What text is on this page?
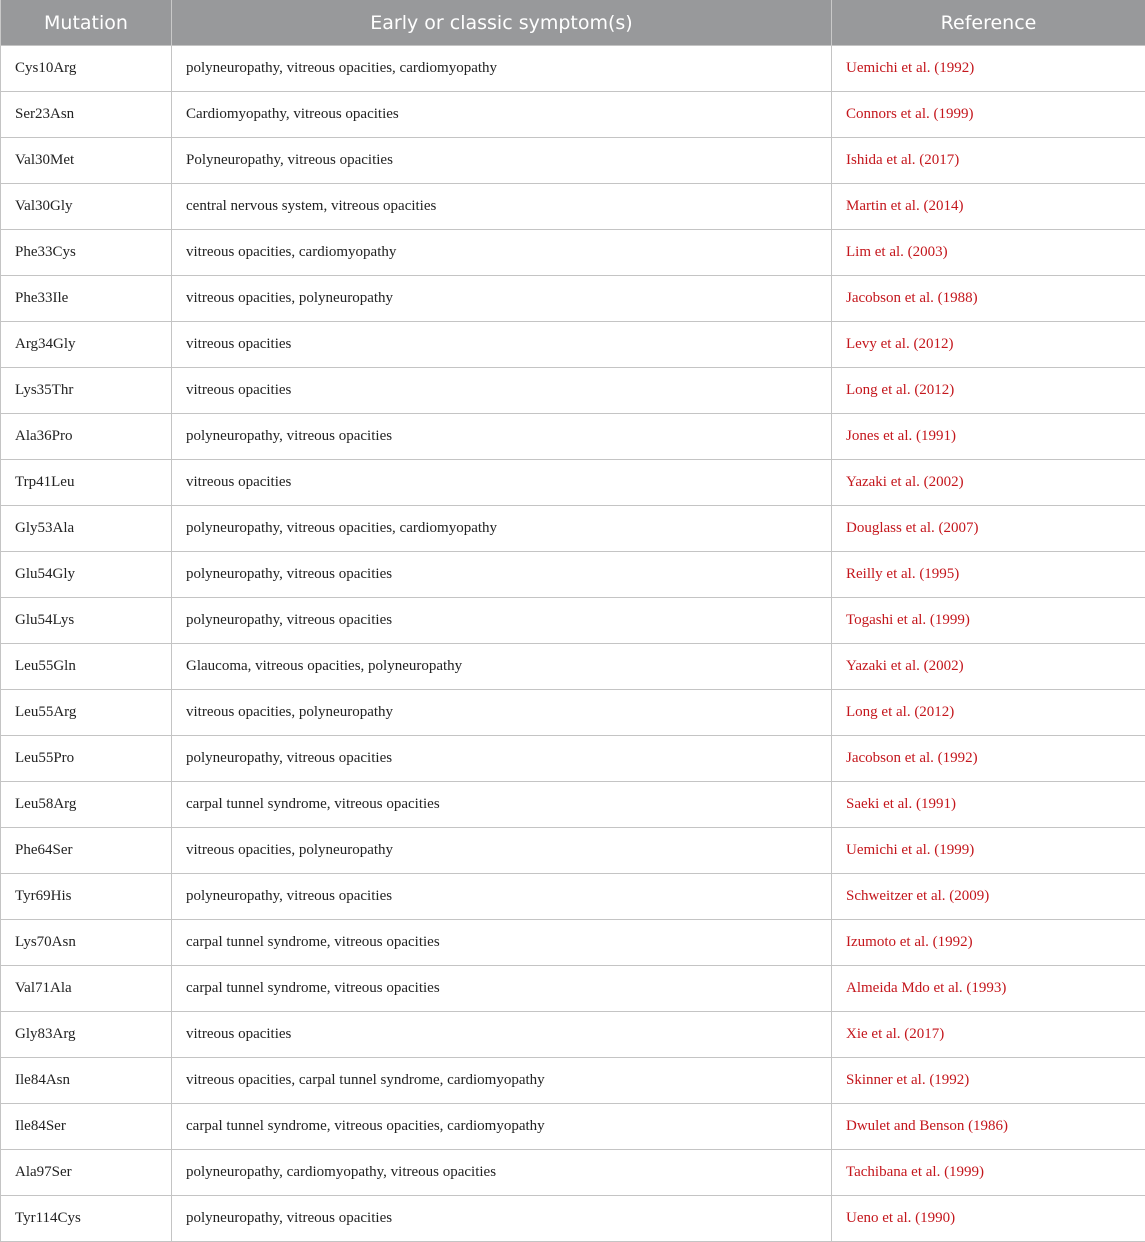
Mutation	Early or classic symptom(s)	Reference
Cys10Arg	polyneuropathy, vitreous opacities, cardiomyopathy	Uemichi et al. (1992)
Ser23Asn	Cardiomyopathy, vitreous opacities	Connors et al. (1999)
Val30Met	Polyneuropathy, vitreous opacities	Ishida et al. (2017)
Val30Gly	central nervous system, vitreous opacities	Martin et al. (2014)
Phe33Cys	vitreous opacities, cardiomyopathy	Lim et al. (2003)
Phe33Ile	vitreous opacities, polyneuropathy	Jacobson et al. (1988)
Arg34Gly	vitreous opacities	Levy et al. (2012)
Lys35Thr	vitreous opacities	Long et al. (2012)
Ala36Pro	polyneuropathy, vitreous opacities	Jones et al. (1991)
Trp41Leu	vitreous opacities	Yazaki et al. (2002)
Gly53Ala	polyneuropathy, vitreous opacities, cardiomyopathy	Douglass et al. (2007)
Glu54Gly	polyneuropathy, vitreous opacities	Reilly et al. (1995)
Glu54Lys	polyneuropathy, vitreous opacities	Togashi et al. (1999)
Leu55Gln	Glaucoma, vitreous opacities, polyneuropathy	Yazaki et al. (2002)
Leu55Arg	vitreous opacities, polyneuropathy	Long et al. (2012)
Leu55Pro	polyneuropathy, vitreous opacities	Jacobson et al. (1992)
Leu58Arg	carpal tunnel syndrome, vitreous opacities	Saeki et al. (1991)
Phe64Ser	vitreous opacities, polyneuropathy	Uemichi et al. (1999)
Tyr69His	polyneuropathy, vitreous opacities	Schweitzer et al. (2009)
Lys70Asn	carpal tunnel syndrome, vitreous opacities	Izumoto et al. (1992)
Val71Ala	carpal tunnel syndrome, vitreous opacities	Almeida Mdo et al. (1993)
Gly83Arg	vitreous opacities	Xie et al. (2017)
Ile84Asn	vitreous opacities, carpal tunnel syndrome, cardiomyopathy	Skinner et al. (1992)
Ile84Ser	carpal tunnel syndrome, vitreous opacities, cardiomyopathy	Dwulet and Benson (1986)
Ala97Ser	polyneuropathy, cardiomyopathy, vitreous opacities	Tachibana et al. (1999)
Tyr114Cys	polyneuropathy, vitreous opacities	Ueno et al. (1990)
